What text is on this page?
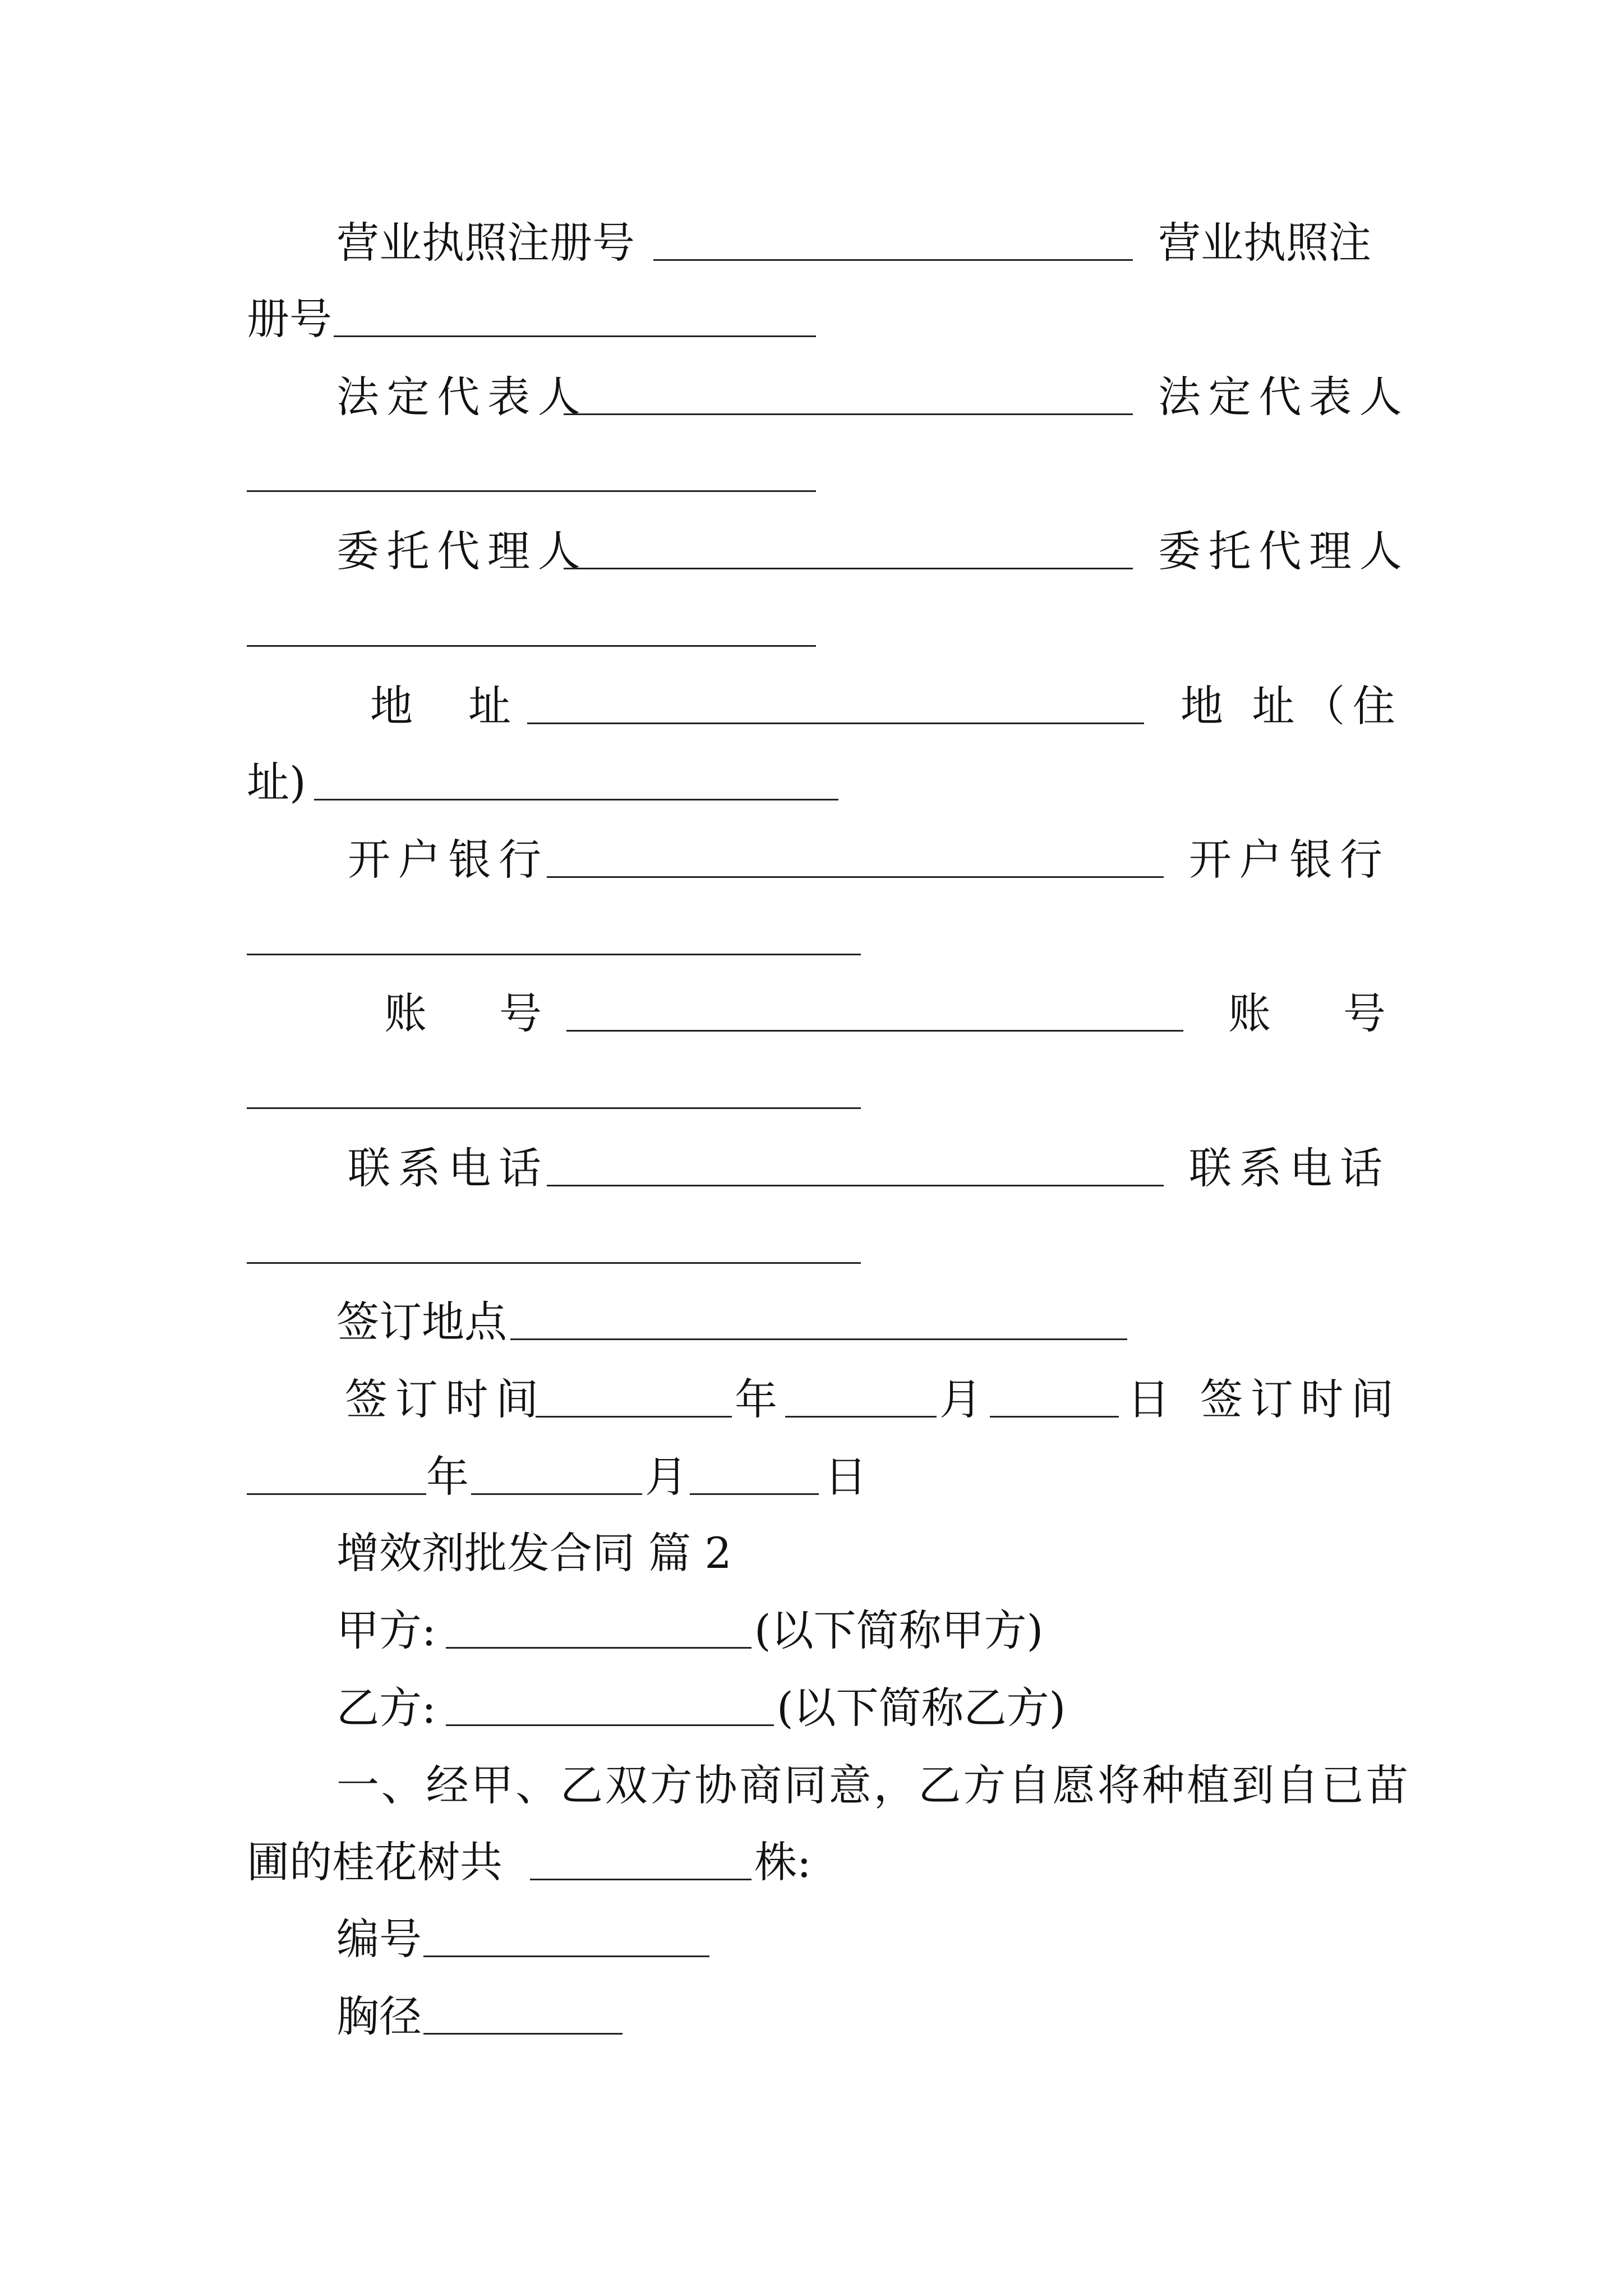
营业执照注册号	营业执照注
册号
法定代表人	法定代表人
委托代理人	委托代理人
地 址	地 址（住
址)
开户银行	开户银行
账 号	账 号
联系电话	联系电话
签订地点
签订时间	年	月	日 签订时间
年	月	日
增效剂批发合同 篇 2
甲方:	(以下简称甲方)
乙方:	(以下简称乙方)
一、经甲、乙双方协商同意，乙方自愿将种植到自已苗
圃的桂花树共	株:
编号
胸径
